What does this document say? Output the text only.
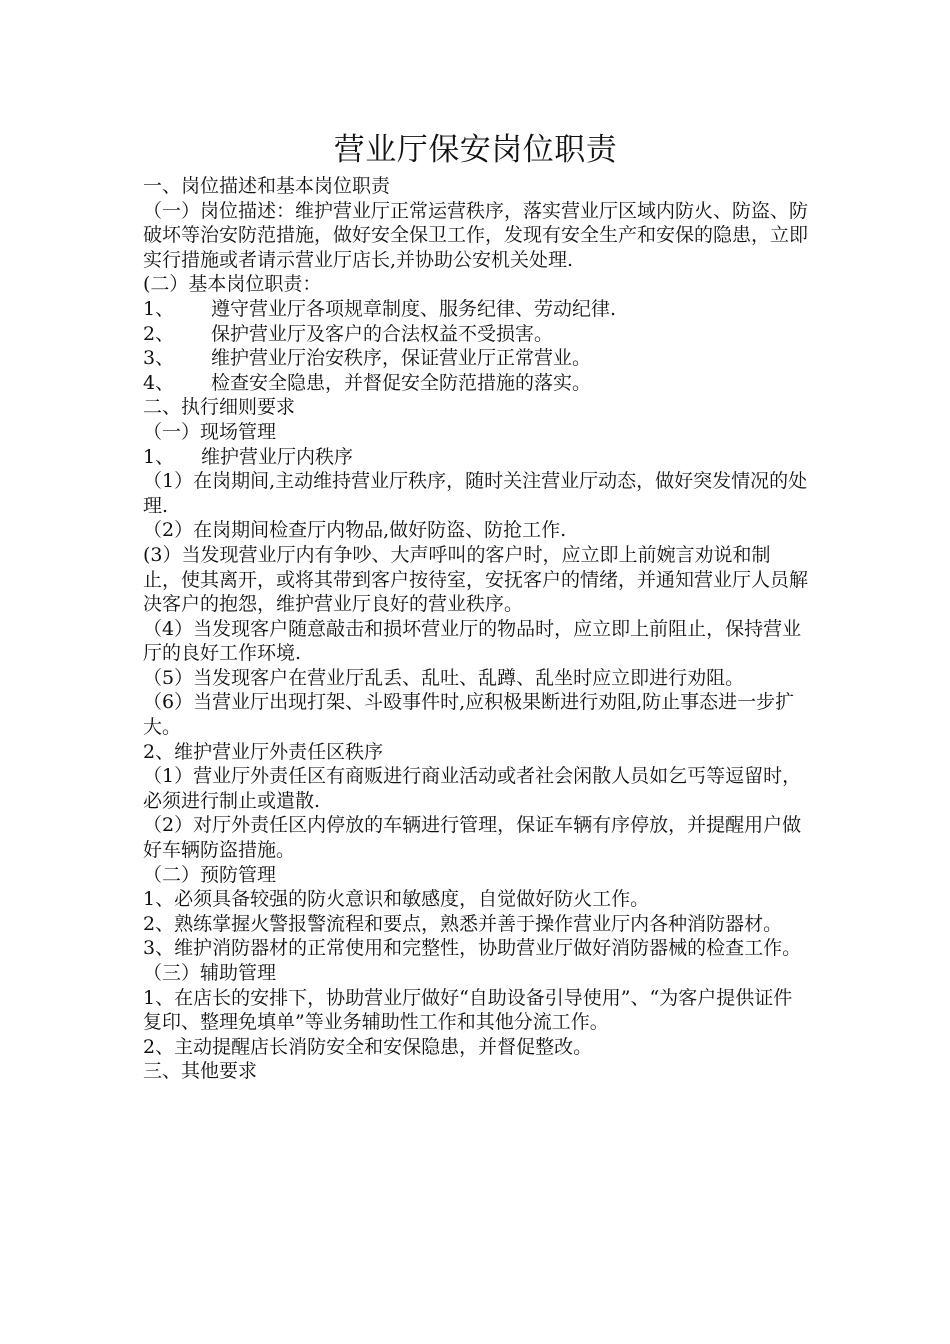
营业厅保安岗位职责

一、岗位描述和基本岗位职责

（一）岗位描述：维护营业厅正常运营秩序，落实营业厅区域内防火、防盗、防破坏等治安防范措施，做好安全保卫工作，发现有安全生产和安保的隐患，立即实行措施或者请示营业厅店长,并协助公安机关处理.

(二）基本岗位职责：

1、 遵守营业厅各项规章制度、服务纪律、劳动纪律.

2、 保护营业厅及客户的合法权益不受损害。

3、 维护营业厅治安秩序，保证营业厅正常营业。

4、 检查安全隐患，并督促安全防范措施的落实。

二、执行细则要求

（一）现场管理

1、 维护营业厅内秩序

（1）在岗期间,主动维持营业厅秩序，随时关注营业厅动态，做好突发情况的处理.

（2）在岗期间检查厅内物品,做好防盗、防抢工作.

(3）当发现营业厅内有争吵、大声呼叫的客户时，应立即上前婉言劝说和制止，使其离开，或将其带到客户按待室，安抚客户的情绪，并通知营业厅人员解决客户的抱怨，维护营业厅良好的营业秩序。

（4）当发现客户随意敲击和损坏营业厅的物品时，应立即上前阻止，保持营业厅的良好工作环境.

（5）当发现客户在营业厅乱丢、乱吐、乱蹲、乱坐时应立即进行劝阻。

（6）当营业厅出现打架、斗殴事件时,应积极果断进行劝阻,防止事态进一步扩大。

2、维护营业厅外责任区秩序

（1）营业厅外责任区有商贩进行商业活动或者社会闲散人员如乞丐等逗留时，必须进行制止或遣散.

（2）对厅外责任区内停放的车辆进行管理，保证车辆有序停放，并提醒用户做好车辆防盗措施。

（二）预防管理

1、必须具备较强的防火意识和敏感度，自觉做好防火工作。

2、熟练掌握火警报警流程和要点，熟悉并善于操作营业厅内各种消防器材。

3、维护消防器材的正常使用和完整性，协助营业厅做好消防器械的检查工作。

（三）辅助管理

1、在店长的安排下，协助营业厅做好“自助设备引导使用”、“为客户提供证件复印、整理免填单”等业务辅助性工作和其他分流工作。

2、主动提醒店长消防安全和安保隐患，并督促整改。

三、其他要求
